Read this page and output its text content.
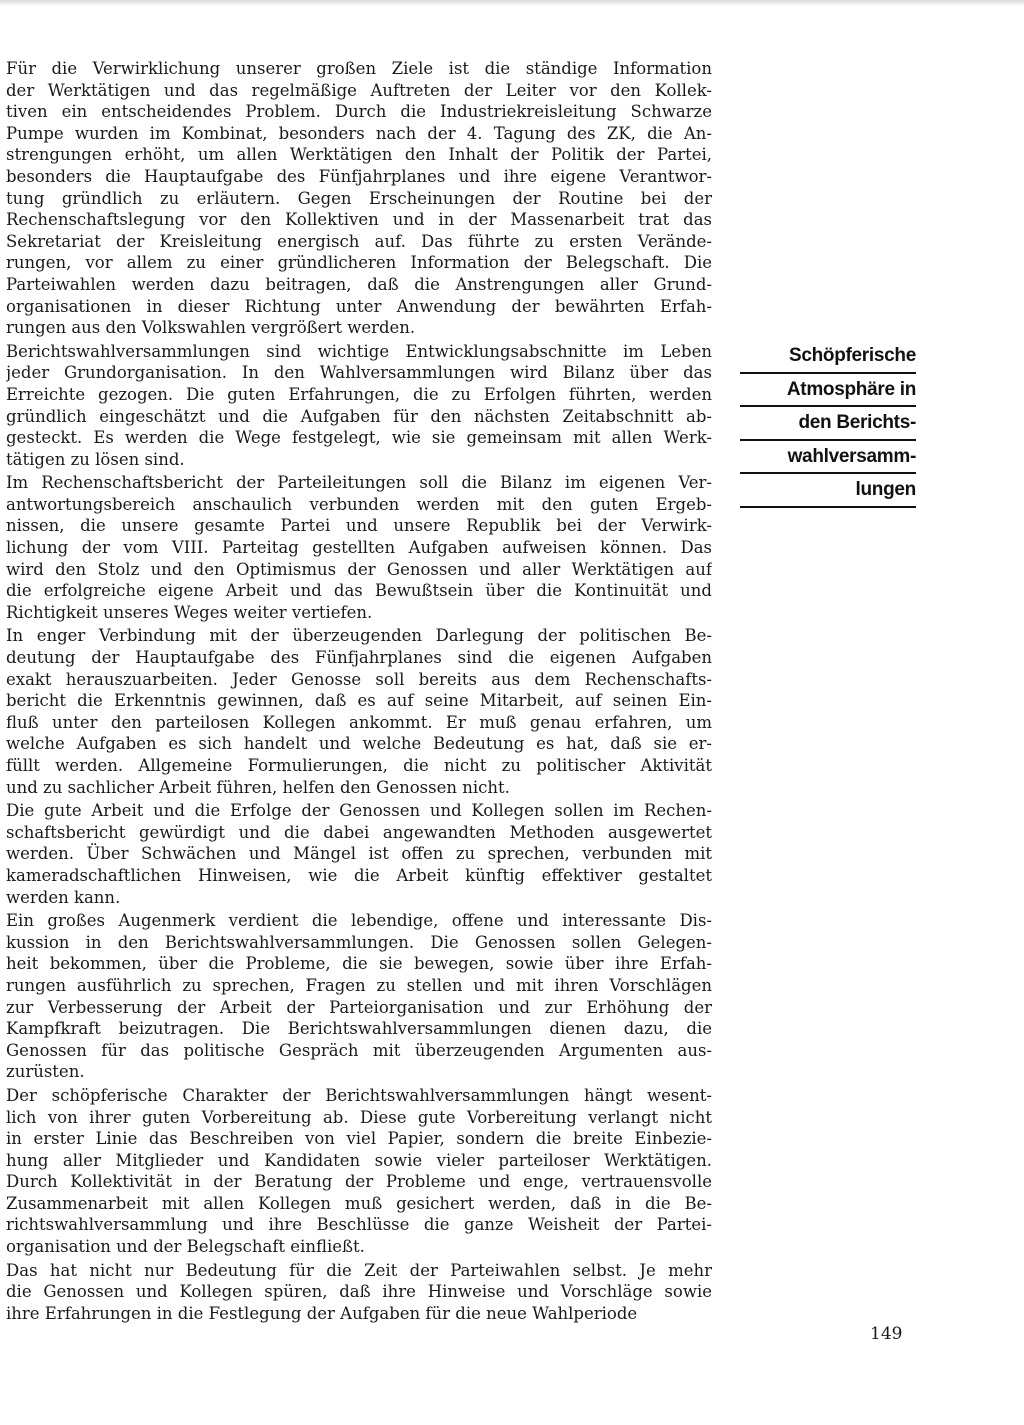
Für die Verwirklichung unserer großen Ziele ist die ständige Information
der Werktätigen und das regelmäßige Auftreten der Leiter vor den Kollek-
tiven ein entscheidendes Problem. Durch die Industriekreisleitung Schwarze
Pumpe wurden im Kombinat, besonders nach der 4. Tagung des ZK, die An-
strengungen erhöht, um allen Werktätigen den Inhalt der Politik der Partei,
besonders die Hauptaufgabe des Fünfjahrplanes und ihre eigene Verantwor-
tung gründlich zu erläutern. Gegen Erscheinungen der Routine bei der
Rechenschaftslegung vor den Kollektiven und in der Massenarbeit trat das
Sekretariat der Kreisleitung energisch auf. Das führte zu ersten Verände-
rungen, vor allem zu einer gründlicheren Information der Belegschaft. Die
Parteiwahlen werden dazu beitragen, daß die Anstrengungen aller Grund-
organisationen in dieser Richtung unter Anwendung der bewährten Erfah-
rungen aus den Volkswahlen vergrößert werden.
Berichtswahlversammlungen sind wichtige Entwicklungsabschnitte im Leben
jeder Grundorganisation. In den Wahlversammlungen wird Bilanz über das
Erreichte gezogen. Die guten Erfahrungen, die zu Erfolgen führten, werden
gründlich eingeschätzt und die Aufgaben für den nächsten Zeitabschnitt ab-
gesteckt. Es werden die Wege festgelegt, wie sie gemeinsam mit allen Werk-
tätigen zu lösen sind.
Im Rechenschaftsbericht der Parteileitungen soll die Bilanz im eigenen Ver-
antwortungsbereich anschaulich verbunden werden mit den guten Ergeb-
nissen, die unsere gesamte Partei und unsere Republik bei der Verwirk-
lichung der vom VIII. Parteitag gestellten Aufgaben aufweisen können. Das
wird den Stolz und den Optimismus der Genossen und aller Werktätigen auf
die erfolgreiche eigene Arbeit und das Bewußtsein über die Kontinuität und
Richtigkeit unseres Weges weiter vertiefen.
In enger Verbindung mit der überzeugenden Darlegung der politischen Be-
deutung der Hauptaufgabe des Fünfjahrplanes sind die eigenen Aufgaben
exakt herauszuarbeiten. Jeder Genosse soll bereits aus dem Rechenschafts-
bericht die Erkenntnis gewinnen, daß es auf seine Mitarbeit, auf seinen Ein-
fluß unter den parteilosen Kollegen ankommt. Er muß genau erfahren, um
welche Aufgaben es sich handelt und welche Bedeutung es hat, daß sie er-
füllt werden. Allgemeine Formulierungen, die nicht zu politischer Aktivität
und zu sachlicher Arbeit führen, helfen den Genossen nicht.
Die gute Arbeit und die Erfolge der Genossen und Kollegen sollen im Rechen-
schaftsbericht gewürdigt und die dabei angewandten Methoden ausgewertet
werden. Über Schwächen und Mängel ist offen zu sprechen, verbunden mit
kameradschaftlichen Hinweisen, wie die Arbeit künftig effektiver gestaltet
werden kann.
Ein großes Augenmerk verdient die lebendige, offene und interessante Dis-
kussion in den Berichtswahlversammlungen. Die Genossen sollen Gelegen-
heit bekommen, über die Probleme, die sie bewegen, sowie über ihre Erfah-
rungen ausführlich zu sprechen, Fragen zu stellen und mit ihren Vorschlägen
zur Verbesserung der Arbeit der Parteiorganisation und zur Erhöhung der
Kampfkraft beizutragen. Die Berichtswahlversammlungen dienen dazu, die
Genossen für das politische Gespräch mit überzeugenden Argumenten aus-
zurüsten.
Der schöpferische Charakter der Berichtswahlversammlungen hängt wesent-
lich von ihrer guten Vorbereitung ab. Diese gute Vorbereitung verlangt nicht
in erster Linie das Beschreiben von viel Papier, sondern die breite Einbezie-
hung aller Mitglieder und Kandidaten sowie vieler parteiloser Werktätigen.
Durch Kollektivität in der Beratung der Probleme und enge, vertrauensvolle
Zusammenarbeit mit allen Kollegen muß gesichert werden, daß in die Be-
richtswahlversammlung und ihre Beschlüsse die ganze Weisheit der Partei-
organisation und der Belegschaft einfließt.
Das hat nicht nur Bedeutung für die Zeit der Parteiwahlen selbst. Je mehr
die Genossen und Kollegen spüren, daß ihre Hinweise und Vorschläge sowie
ihre Erfahrungen in die Festlegung der Aufgaben für die neue Wahlperiode
Schöpferische
Atmosphäre in
den Berichts-
wahlversamm-
lungen
149
